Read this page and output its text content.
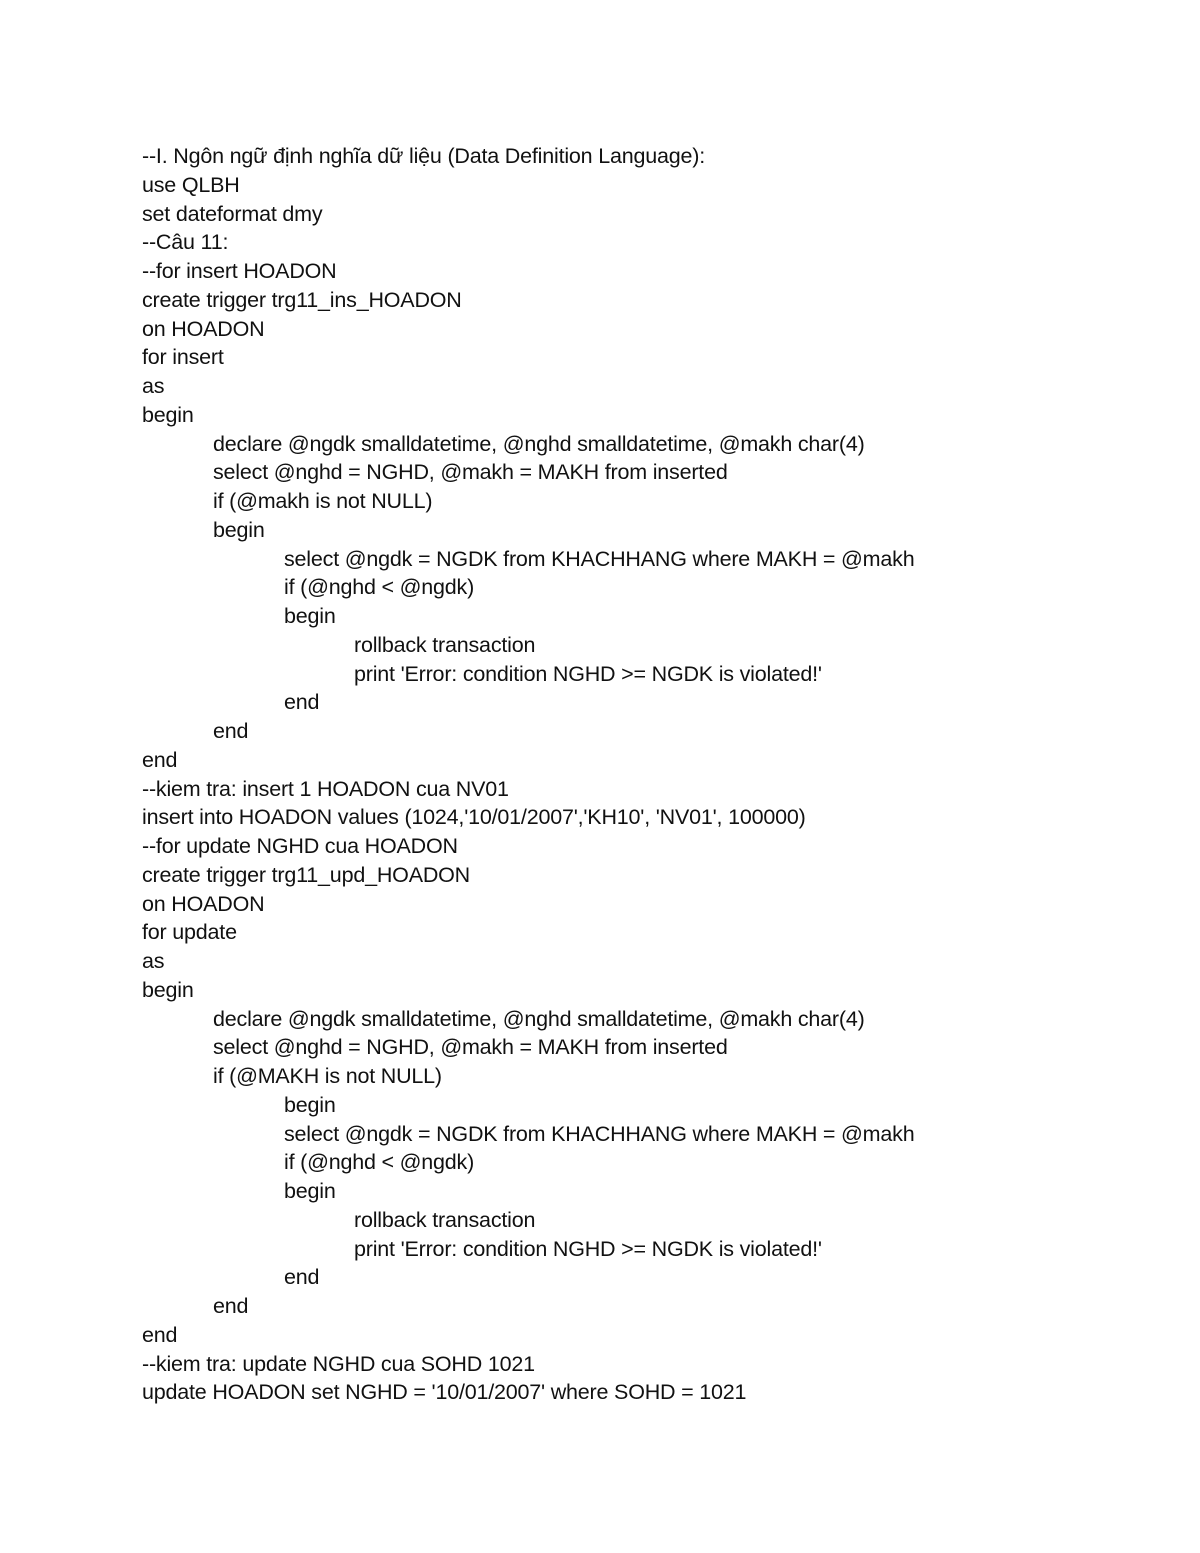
--I. Ngôn ngữ định nghĩa dữ liệu (Data Definition Language):
use QLBH
set dateformat dmy
--Câu 11:
--for insert HOADON
create trigger trg11_ins_HOADON
on HOADON
for insert
as
begin
declare @ngdk smalldatetime, @nghd smalldatetime, @makh char(4)
select @nghd = NGHD, @makh = MAKH from inserted
if (@makh is not NULL)
begin
select @ngdk = NGDK from KHACHHANG where MAKH = @makh
if (@nghd < @ngdk)
begin
rollback transaction
print 'Error: condition NGHD >= NGDK is violated!'
end
end
end
--kiem tra: insert 1 HOADON cua NV01
insert into HOADON values (1024,'10/01/2007','KH10', 'NV01', 100000)
--for update NGHD cua HOADON
create trigger trg11_upd_HOADON
on HOADON
for update
as
begin
declare @ngdk smalldatetime, @nghd smalldatetime, @makh char(4)
select @nghd = NGHD, @makh = MAKH from inserted
if (@MAKH is not NULL)
begin
select @ngdk = NGDK from KHACHHANG where MAKH = @makh
if (@nghd < @ngdk)
begin
rollback transaction
print 'Error: condition NGHD >= NGDK is violated!'
end
end
end
--kiem tra: update NGHD cua SOHD 1021
update HOADON set NGHD = '10/01/2007' where SOHD = 1021
